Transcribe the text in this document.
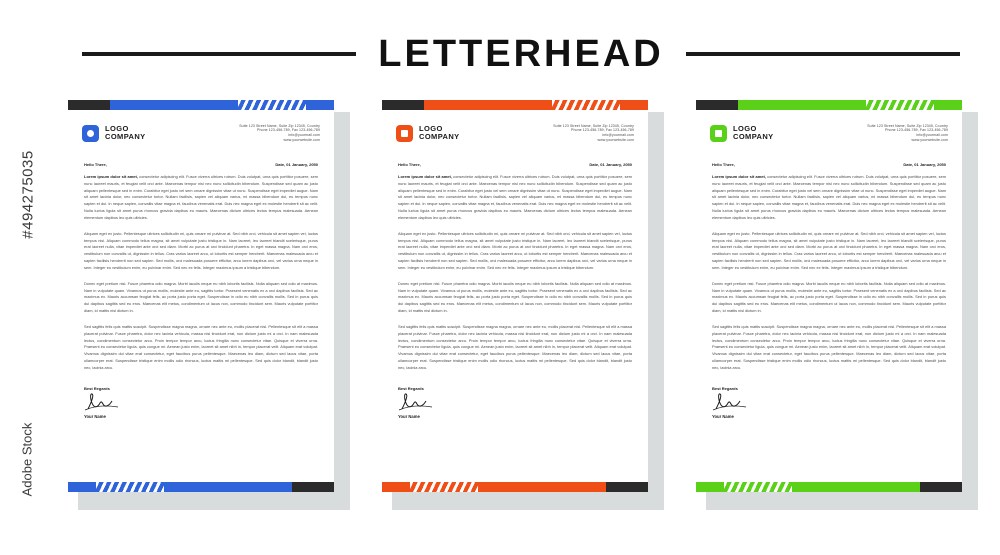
#494275035
Adobe Stock
LETTERHEAD
LOGO
COMPANY
Suite 123 Street Name, Suite Zip 12345, Country
Phone 123-456-789, Fax 123-456-789
info@yourmail.com
www.yourwebsite.com
Hello There,	Date, 01 January, 2050

Lorem ipsum dolor sit amet, consectetur adipiscing elit. Fusce viverra ultrices rutrum. Duis volutpat, urna quis porttitor posuere, sem nunc laoreet mauris, et feugiat velit orci ante. Maecenas tempor nisl nec nunc sollicitudin bibendum. Suspendisse sed quam ac justo aliquam pellentesque sed in enim. Curabitur eget justo vel sem ornare dignissim vitae ut nunc. Suspendisse eget imperdiet augue. Nam sit amet lacinia dolor, nec consectetur tortor. Nullam facilisis, sapien vel aliquam varius, mi massa bibendum dui, eu tempus nunc sapien et dui. In neque sapien, convallis vitae magna et, faucibus venenatis erat. Duis nec magna eget ex molestie hendrerit sit ac velit. Nulla luctus ligula sit amet purus rhoncus gravida dapibus eu mauris. Maecenas dictum ultrices lectus tempus malesuada. Aenean elementum dapibus leo quis ultricies.

Aliquam eget ex justo. Pellentesque ultrices sollicitudin mi, quis ornare mi pulvinar at. Sed nibh orci, vehicula sit amet sapien vel, luctus tempus nisi. Aliquam commodo tellus magna, sit amet vulputate justo tristique in. Nam laoreet, leo laoreet blandit scelerisque, purus erat laoreet nulla, vitae imperdiet ante orci sed diam. Morbi ac purus at orci tincidunt pharetra. In eget massa magna. Nam orci eros, vestibulum non convallis ut, dignissim in tellus. Cras varius laoreet arcu, ut lobortis est semper hendrerit. Maecenas malesuada arcu et sapien facilisis hendrerit non sed sapien. Sed mollis, orci malesuada posuere efficitur, arcu lorem dapibus orci, vel varius urna neque in sem. Integer eu vestibulum enim, eu pulvinar enim. Sed nec ex felis. Integer maximus ipsum a tristique bibendum.

Donec eget pretium nisl. Fusce pharetra odio magna. Morbi iaculis neque eu nibh lobortis facilisis. Nulla aliquam sed odio at maximus. Nam in vulputate quam. Vivamus ut purus mollis, molestie ante eu, sagittis tortor. Praesent venenatis ex a orci dapibus facilisis. Sed ac maximus ex. Mauris accumsan feugiat felis, ac porta justo porta eget. Suspendisse in odio eu nibh convallis mollis. Sed in purus quis dui dapibus sagittis sed eu eros. Maecenas elit metus, condimentum ut lacus non, commodo tincidunt sem. Mauris vulputate porttitor diam, id mattis nisl dictum in.

Sed sagittis felis quis mattis suscipit. Suspendisse magna magna, ornare nec ante eu, mollis placerat nisl. Pellentesque sit elit a massa placerat pulvinar. Fusce pharetra, dolor nec lacinia vehicula, massa nisi tincidunt erat, non dictum justo mi a orci. In nam malesuada lectus, condimentum consectetur arcu. Proin tempor tempor arcu, luctus fringilla nunc consectetur vitae. Quisque et viverra urna. Praesent eu consectetur ligula, quis congue mi. Aenean justo enim, laoreet sit amet nibh in, tempor placerat velit. Aliquam erat volutpat. Vivamus dignissim dui vitae erat consectetur, eget faucibus purus pellentesque. Maecenas leo diam, dictum sed lacus vitae, porta ullamcorper erat. Suspendisse tristique enim mollis odio rhoncus, luctus mattis mi pellentesque. Sed quis dolor blandit, blandit justo nec, lacinia arcu.

Best Regards
Your Name
LOGO
COMPANY
Suite 123 Street Name, Suite Zip 12345, Country
Phone 123-456-789, Fax 123-456-789
info@yourmail.com
www.yourwebsite.com
Hello There,	Date, 01 January, 2050

Lorem ipsum dolor sit amet, consectetur adipiscing elit. Fusce viverra ultrices rutrum. Duis volutpat, urna quis porttitor posuere, sem nunc laoreet mauris, et feugiat velit orci ante. Maecenas tempor nisl nec nunc sollicitudin bibendum. Suspendisse sed quam ac justo aliquam pellentesque sed in enim. Curabitur eget justo vel sem ornare dignissim vitae ut nunc. Suspendisse eget imperdiet augue. Nam sit amet lacinia dolor, nec consectetur tortor. Nullam facilisis, sapien vel aliquam varius, mi massa bibendum dui, eu tempus nunc sapien et dui. In neque sapien, convallis vitae magna et, faucibus venenatis erat. Duis nec magna eget ex molestie hendrerit sit ac velit. Nulla luctus ligula sit amet purus rhoncus gravida dapibus eu mauris. Maecenas dictum ultrices lectus tempus malesuada. Aenean elementum dapibus leo quis ultricies.

Aliquam eget ex justo. Pellentesque ultrices sollicitudin mi, quis ornare mi pulvinar at. Sed nibh orci, vehicula sit amet sapien vel, luctus tempus nisi. Aliquam commodo tellus magna, sit amet vulputate justo tristique in. Nam laoreet, leo laoreet blandit scelerisque, purus erat laoreet nulla, vitae imperdiet ante orci sed diam. Morbi ac purus at orci tincidunt pharetra. In eget massa magna. Nam orci eros, vestibulum non convallis ut, dignissim in tellus. Cras varius laoreet arcu, ut lobortis est semper hendrerit. Maecenas malesuada arcu et sapien facilisis hendrerit non sed sapien. Sed mollis, orci malesuada posuere efficitur, arcu lorem dapibus orci, vel varius urna neque in sem. Integer eu vestibulum enim, eu pulvinar enim. Sed nec ex felis. Integer maximus ipsum a tristique bibendum.

Donec eget pretium nisl. Fusce pharetra odio magna. Morbi iaculis neque eu nibh lobortis facilisis. Nulla aliquam sed odio at maximus. Nam in vulputate quam. Vivamus ut purus mollis, molestie ante eu, sagittis tortor. Praesent venenatis ex a orci dapibus facilisis. Sed ac maximus ex. Mauris accumsan feugiat felis, ac porta justo porta eget. Suspendisse in odio eu nibh convallis mollis. Sed in purus quis dui dapibus sagittis sed eu eros. Maecenas elit metus, condimentum ut lacus non, commodo tincidunt sem. Mauris vulputate porttitor diam, id mattis nisl dictum in.

Sed sagittis felis quis mattis suscipit. Suspendisse magna magna, ornare nec ante eu, mollis placerat nisl. Pellentesque sit elit a massa placerat pulvinar. Fusce pharetra, dolor nec lacinia vehicula, massa nisi tincidunt erat, non dictum justo mi a orci. In nam malesuada lectus, condimentum consectetur arcu. Proin tempor tempor arcu, luctus fringilla nunc consectetur vitae. Quisque et viverra urna. Praesent eu consectetur ligula, quis congue mi. Aenean justo enim, laoreet sit amet nibh in, tempor placerat velit. Aliquam erat volutpat. Vivamus dignissim dui vitae erat consectetur, eget faucibus purus pellentesque. Maecenas leo diam, dictum sed lacus vitae, porta ullamcorper erat. Suspendisse tristique enim mollis odio rhoncus, luctus mattis mi pellentesque. Sed quis dolor blandit, blandit justo nec, lacinia arcu.

Best Regards
Your Name
LOGO
COMPANY
Suite 123 Street Name, Suite Zip 12345, Country
Phone 123-456-789, Fax 123-456-789
info@yourmail.com
www.yourwebsite.com
Hello There,	Date, 01 January, 2050

Lorem ipsum dolor sit amet, consectetur adipiscing elit. Fusce viverra ultrices rutrum. Duis volutpat, urna quis porttitor posuere, sem nunc laoreet mauris, et feugiat velit orci ante. Maecenas tempor nisl nec nunc sollicitudin bibendum. Suspendisse sed quam ac justo aliquam pellentesque sed in enim. Curabitur eget justo vel sem ornare dignissim vitae ut nunc. Suspendisse eget imperdiet augue. Nam sit amet lacinia dolor, nec consectetur tortor. Nullam facilisis, sapien vel aliquam varius, mi massa bibendum dui, eu tempus nunc sapien et dui. In neque sapien, convallis vitae magna et, faucibus venenatis erat. Duis nec magna eget ex molestie hendrerit sit ac velit. Nulla luctus ligula sit amet purus rhoncus gravida dapibus eu mauris. Maecenas dictum ultrices lectus tempus malesuada. Aenean elementum dapibus leo quis ultricies.

Aliquam eget ex justo. Pellentesque ultrices sollicitudin mi, quis ornare mi pulvinar at. Sed nibh orci, vehicula sit amet sapien vel, luctus tempus nisi. Aliquam commodo tellus magna, sit amet vulputate justo tristique in. Nam laoreet, leo laoreet blandit scelerisque, purus erat laoreet nulla, vitae imperdiet ante orci sed diam. Morbi ac purus at orci tincidunt pharetra. In eget massa magna. Nam orci eros, vestibulum non convallis ut, dignissim in tellus. Cras varius laoreet arcu, ut lobortis est semper hendrerit. Maecenas malesuada arcu et sapien facilisis hendrerit non sed sapien. Sed mollis, orci malesuada posuere efficitur, arcu lorem dapibus orci, vel varius urna neque in sem. Integer eu vestibulum enim, eu pulvinar enim. Sed nec ex felis. Integer maximus ipsum a tristique bibendum.

Donec eget pretium nisl. Fusce pharetra odio magna. Morbi iaculis neque eu nibh lobortis facilisis. Nulla aliquam sed odio at maximus. Nam in vulputate quam. Vivamus ut purus mollis, molestie ante eu, sagittis tortor. Praesent venenatis ex a orci dapibus facilisis. Sed ac maximus ex. Mauris accumsan feugiat felis, ac porta justo porta eget. Suspendisse in odio eu nibh convallis mollis. Sed in purus quis dui dapibus sagittis sed eu eros. Maecenas elit metus, condimentum ut lacus non, commodo tincidunt sem. Mauris vulputate porttitor diam, id mattis nisl dictum in.

Sed sagittis felis quis mattis suscipit. Suspendisse magna magna, ornare nec ante eu, mollis placerat nisl. Pellentesque sit elit a massa placerat pulvinar. Fusce pharetra, dolor nec lacinia vehicula, massa nisi tincidunt erat, non dictum justo mi a orci. In nam malesuada lectus, condimentum consectetur arcu. Proin tempor tempor arcu, luctus fringilla nunc consectetur vitae. Quisque et viverra urna. Praesent eu consectetur ligula, quis congue mi. Aenean justo enim, laoreet sit amet nibh in, tempor placerat velit. Aliquam erat volutpat. Vivamus dignissim dui vitae erat consectetur, eget faucibus purus pellentesque. Maecenas leo diam, dictum sed lacus vitae, porta ullamcorper erat. Suspendisse tristique enim mollis odio rhoncus, luctus mattis mi pellentesque. Sed quis dolor blandit, blandit justo nec, lacinia arcu.

Best Regards
Your Name
